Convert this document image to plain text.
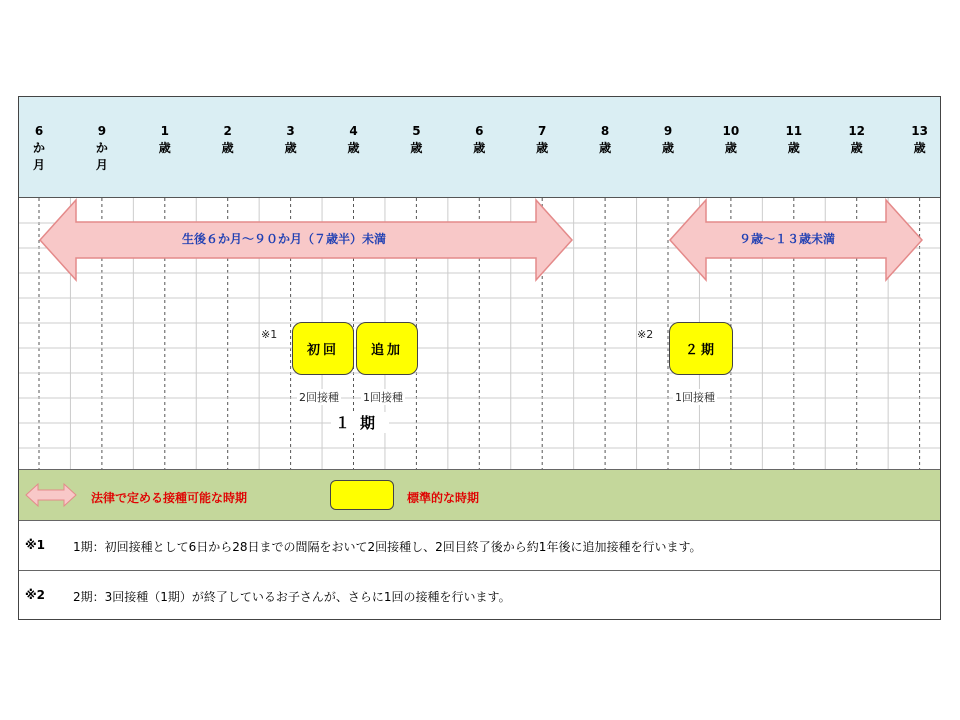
6
か
月
9
か
月
1
歳
2
歳
3
歳
4
歳
5
歳
6
歳
7
歳
8
歳
9
歳
10
歳
11
歳
12
歳
13
歳
生後６か月～９０か月（７歳半）未満	９歳～１３歳未満
※1
初回	追加
※2
２期
2回接種 1回接種	1回接種
１期
法律で定める接種可能な時期	標準的な時期
※1 1期：初回接種として6日から28日までの間隔をおいて2回接種し、2回目終了後から約1年後に追加接種を行います。
※2 2期：3回接種（1期）が終了しているお子さんが、さらに1回の接種を行います。
